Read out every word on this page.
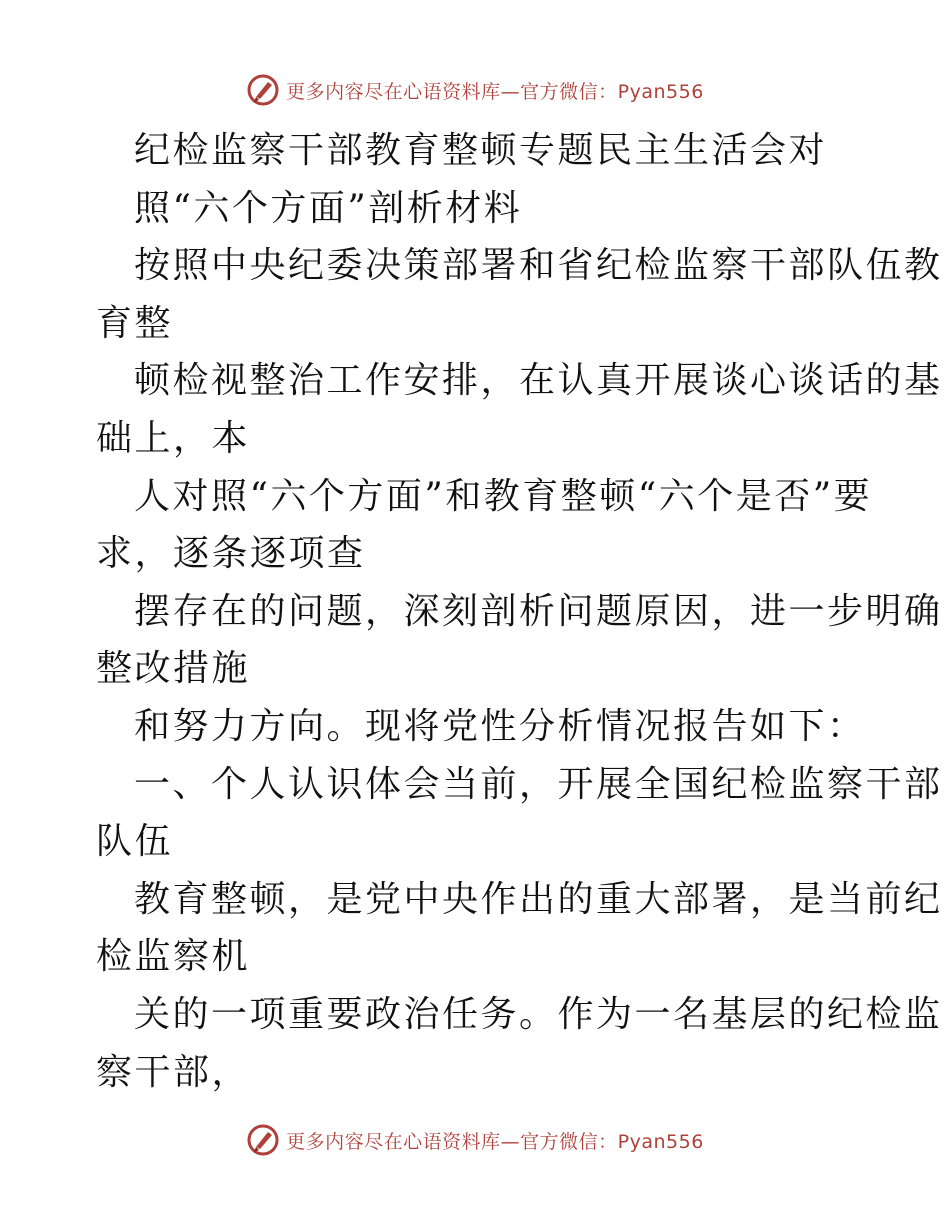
更多内容尽在心语资料库—官方微信：Pyan556
纪检监察干部教育整顿专题民主生活会对
照“六个方面”剖析材料
按照中央纪委决策部署和省纪检监察干部队伍教
育整
顿检视整治工作安排，在认真开展谈心谈话的基
础上，本
人对照“六个方面”和教育整顿“六个是否”要
求，逐条逐项查
摆存在的问题，深刻剖析问题原因，进一步明确
整改措施
和努力方向。现将党性分析情况报告如下：
一、个人认识体会当前，开展全国纪检监察干部
队伍
教育整顿，是党中央作出的重大部署，是当前纪
检监察机
关的一项重要政治任务。作为一名基层的纪检监
察干部，
更多内容尽在心语资料库—官方微信：Pyan556
